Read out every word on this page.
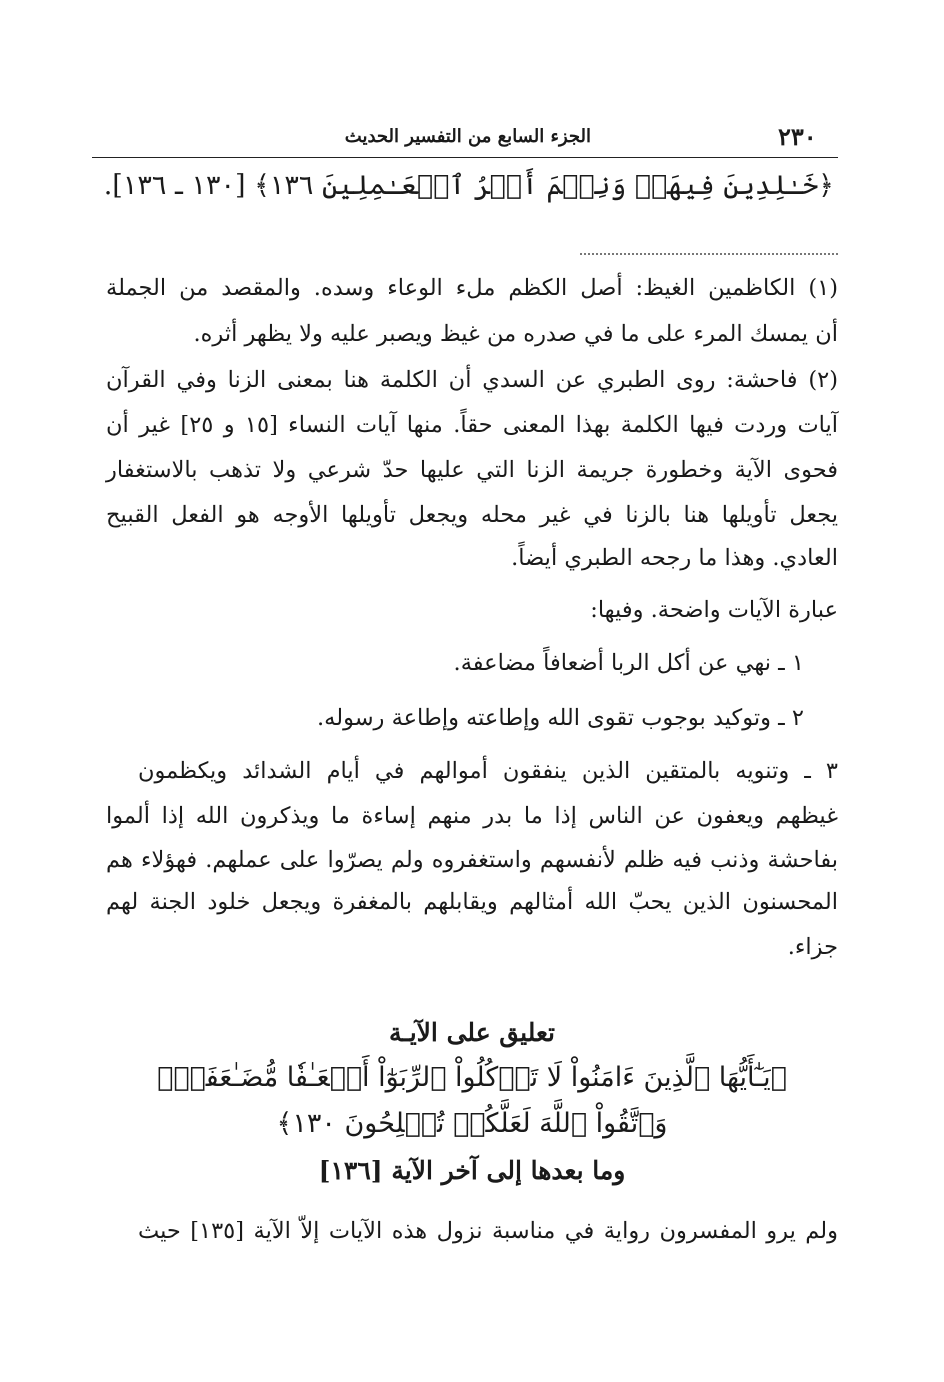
٢٣٠
الجزء السابع من التفسير الحديث
﴿خَـٰلِدِينَ فِيهَاۚ وَنِعۡمَ أَجۡرُ ٱلۡعَـٰمِلِينَ ١٣٦﴾ [١٣٠ ـ ١٣٦].
(١) الكاظمين الغيظ: أصل الكظم ملء الوعاء وسده. والمقصد من الجملة
أن يمسك المرء على ما في صدره من غيظ ويصبر عليه ولا يظهر أثره.
(٢) فاحشة: روى الطبري عن السدي أن الكلمة هنا بمعنى الزنا وفي القرآن
آيات وردت فيها الكلمة بهذا المعنى حقاً. منها آيات النساء [١٥ و ٢٥] غير أن
فحوى الآية وخطورة جريمة الزنا التي عليها حدّ شرعي ولا تذهب بالاستغفار
يجعل تأويلها هنا بالزنا في غير محله ويجعل تأويلها الأوجه هو الفعل القبيح
العادي. وهذا ما رجحه الطبري أيضاً.
عبارة الآيات واضحة. وفيها:
١ ـ نهي عن أكل الربا أضعافاً مضاعفة.
٢ ـ وتوكيد بوجوب تقوى الله وإطاعته وإطاعة رسوله.
٣ ـ وتنويه بالمتقين الذين ينفقون أموالهم في أيام الشدائد ويكظمون
غيظهم ويعفون عن الناس إذا ما بدر منهم إساءة ما ويذكرون الله إذا ألموا
بفاحشة وذنب فيه ظلم لأنفسهم واستغفروه ولم يصرّوا على عملهم. فهؤلاء هم
المحسنون الذين يحبّ الله أمثالهم ويقابلهم بالمغفرة ويجعل خلود الجنة لهم
جزاء.
تعليق على الآيـة
﴿يَـٰٓأَيُّهَا ٱلَّذِينَ ءَامَنُواْ لَا تَأۡكُلُواْ ٱلرِّبَوٰٓاْ أَضۡعَـٰفٗا مُّضَـٰعَفَةٗۖ
وَٱتَّقُواْ ٱللَّهَ لَعَلَّكُمۡ تُفۡلِحُونَ ١٣٠﴾
وما بعدها إلى آخر الآية [١٣٦]
ولم يرو المفسرون رواية في مناسبة نزول هذه الآيات إلاّ الآية [١٣٥] حيث
